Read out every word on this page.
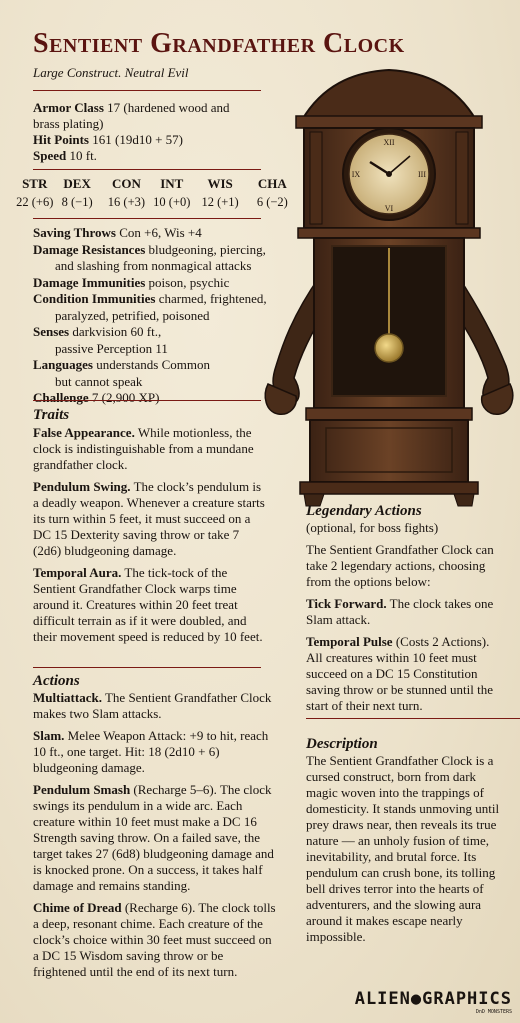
Sentient Grandfather Clock
Large Construct. Neutral Evil
Armor Class 17 (hardened wood and brass plating)
Hit Points 161 (19d10 + 57)
Speed 10 ft.
STR	DEX	CON	INT	WIS	CHA
22 (+6) 8 (−1)	16 (+3) 10 (+0) 12 (+1)	6 (−2)
Saving Throws Con +6, Wis +4
Damage Resistances bludgeoning, piercing,
and slashing from nonmagical attacks
Damage Immunities poison, psychic
Condition Immunities charmed, frightened,
paralyzed, petrified, poisoned
Senses darkvision 60 ft.,
passive Perception 11
Languages understands Common
but cannot speak
Challenge 7 (2,900 XP)
Traits

False Appearance. While motionless, the clock is indistinguishable from a mundane grandfather clock.

Pendulum Swing. The clock’s pendulum is a deadly weapon. Whenever a creature starts its turn within 5 feet, it must succeed on a DC 15 Dexterity saving throw or take 7 (2d6) bludgeoning damage.

Temporal Aura. The tick-tock of the Sentient Grandfather Clock warps time around it. Creatures within 20 feet treat difficult terrain as if it were doubled, and their movement speed is reduced by 10 feet.

Actions

Multiattack. The Sentient Grandfather Clock makes two Slam attacks.

Slam. Melee Weapon Attack: +9 to hit, reach 10 ft., one target. Hit: 18 (2d10 + 6) bludgeoning damage.

Pendulum Smash (Recharge 5–6). The clock swings its pendulum in a wide arc. Each creature within 10 feet must make a DC 16 Strength saving throw. On a failed save, the target takes 27 (6d8) bludgeoning damage and is knocked prone. On a success, it takes half damage and remains standing.

Chime of Dread (Recharge 6). The clock tolls a deep, resonant chime. Each creature of the clock’s choice within 30 feet must succeed on a DC 15 Wisdom saving throw or be frightened until the end of its next turn.

XII
VI
IX	III
Legendary Actions

(optional, for boss fights)

The Sentient Grandfather Clock can take 2 legendary actions, choosing from the options below:

Tick Forward. The clock takes one Slam attack.

Temporal Pulse (Costs 2 Actions). All creatures within 10 feet must succeed on a DC 15 Constitution saving throw or be stunned until the start of their next turn.

Description

The Sentient Grandfather Clock is a cursed construct, born from dark magic woven into the trappings of domesticity. It stands unmoving until prey draws near, then reveals its true nature — an unholy fusion of time, inevitability, and brutal force. Its pendulum can crush bone, its tolling bell drives terror into the hearts of adventurers, and the slowing aura around it makes escape nearly impossible.

ALIEN●GRAPHICS
DnD MONSTERS
